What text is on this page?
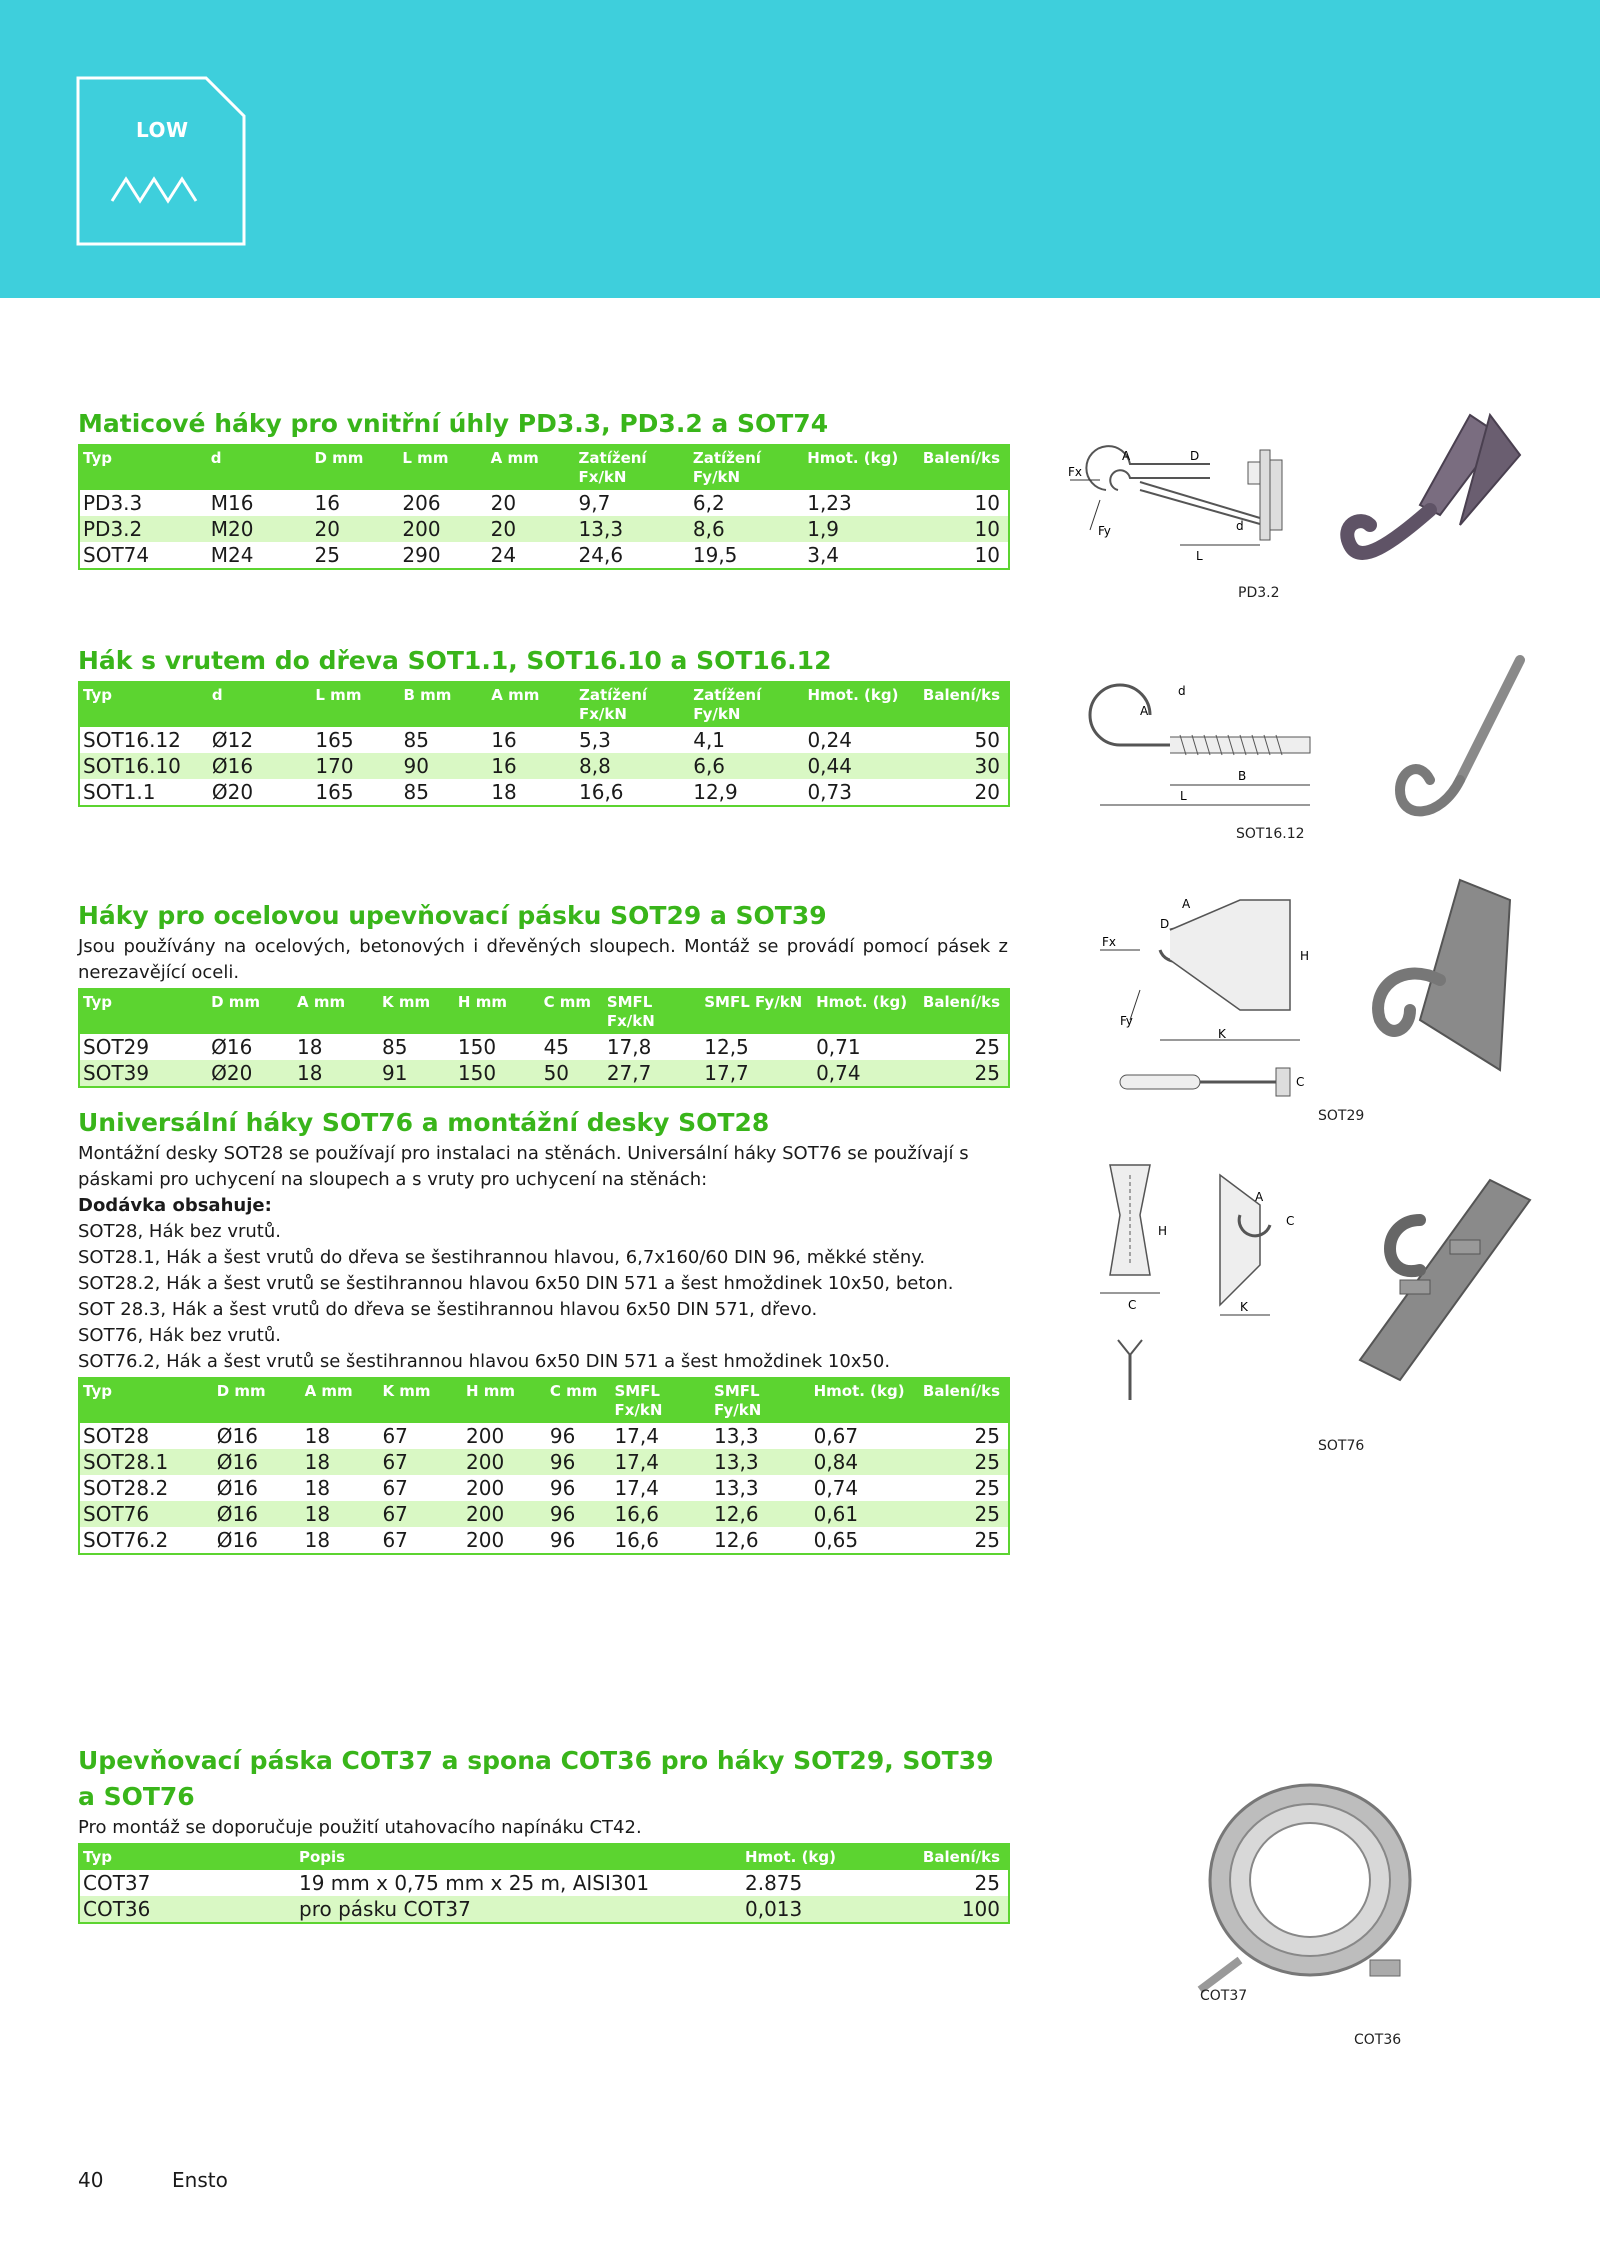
LOW
Maticové háky pro vnitřní úhly PD3.3, PD3.2 a SOT74
Typ	d	D mm	L mm	A mm	Zatížení Fx/kN	Zatížení Fy/kN	Hmot. (kg)	Balení/ks
PD3.3	M16	16	206	20	9,7	6,2	1,23	10
PD3.2	M20	20	200	20	13,3	8,6	1,9	10
SOT74	M24	25	290	24	24,6	19,5	3,4	10
Hák s vrutem do dřeva SOT1.1, SOT16.10 a SOT16.12
Typ	d	L mm	B mm	A mm	Zatížení Fx/kN	Zatížení Fy/kN	Hmot. (kg)	Balení/ks
SOT16.12	Ø12	165	85	16	5,3	4,1	0,24	50
SOT16.10	Ø16	170	90	16	8,8	6,6	0,44	30
SOT1.1	Ø20	165	85	18	16,6	12,9	0,73	20
Háky pro ocelovou upevňovací pásku SOT29 a SOT39
Jsou používány na ocelových, betonových i dřevěných sloupech. Montáž se provádí pomocí pásek z nerezavějící oceli.
Typ	D mm	A mm	K mm	H mm	C mm	SMFL Fx/kN	SMFL Fy/kN	Hmot. (kg)	Balení/ks
SOT29	Ø16	18	85	150	45	17,8	12,5	0,71	25
SOT39	Ø20	18	91	150	50	27,7	17,7	0,74	25
Universální háky SOT76 a montážní desky SOT28
Montážní desky SOT28 se používají pro instalaci na stěnách. Universální háky SOT76 se používají s páskami pro uchycení na sloupech a s vruty pro uchycení na stěnách:
Dodávka obsahuje:
SOT28, Hák bez vrutů.
SOT28.1, Hák a šest vrutů do dřeva se šestihrannou hlavou, 6,7x160/60 DIN 96, měkké stěny.
SOT28.2, Hák a šest vrutů se šestihrannou hlavou 6x50 DIN 571 a šest hmoždinek 10x50, beton.
SOT 28.3, Hák a šest vrutů do dřeva se šestihrannou hlavou 6x50 DIN 571, dřevo.
SOT76, Hák bez vrutů.
SOT76.2, Hák a šest vrutů se šestihrannou hlavou 6x50 DIN 571 a šest hmoždinek 10x50.
Typ	D mm	A mm	K mm	H mm	C mm	SMFL Fx/kN	SMFL Fy/kN	Hmot. (kg)	Balení/ks
SOT28	Ø16	18	67	200	96	17,4	13,3	0,67	25
SOT28.1	Ø16	18	67	200	96	17,4	13,3	0,84	25
SOT28.2	Ø16	18	67	200	96	17,4	13,3	0,74	25
SOT76	Ø16	18	67	200	96	16,6	12,6	0,61	25
SOT76.2	Ø16	18	67	200	96	16,6	12,6	0,65	25
Upevňovací páska COT37 a spona COT36 pro háky SOT29, SOT39
a SOT76
Pro montáž se doporučuje použití utahovacího napínáku CT42.
Typ	Popis	Hmot. (kg)	Balení/ks
COT37	19 mm x 0,75 mm x 25 m, AISI301	2.875	25
COT36	pro pásku COT37	0,013	100
Fx
Fy
A	D
d
L
PD3.2
A
d
B
L
SOT16.12
Fx
D
A
H
Fy
K
C
SOT29
H
C
A
C
K
SOT76
COT37
COT36
40	Ensto
